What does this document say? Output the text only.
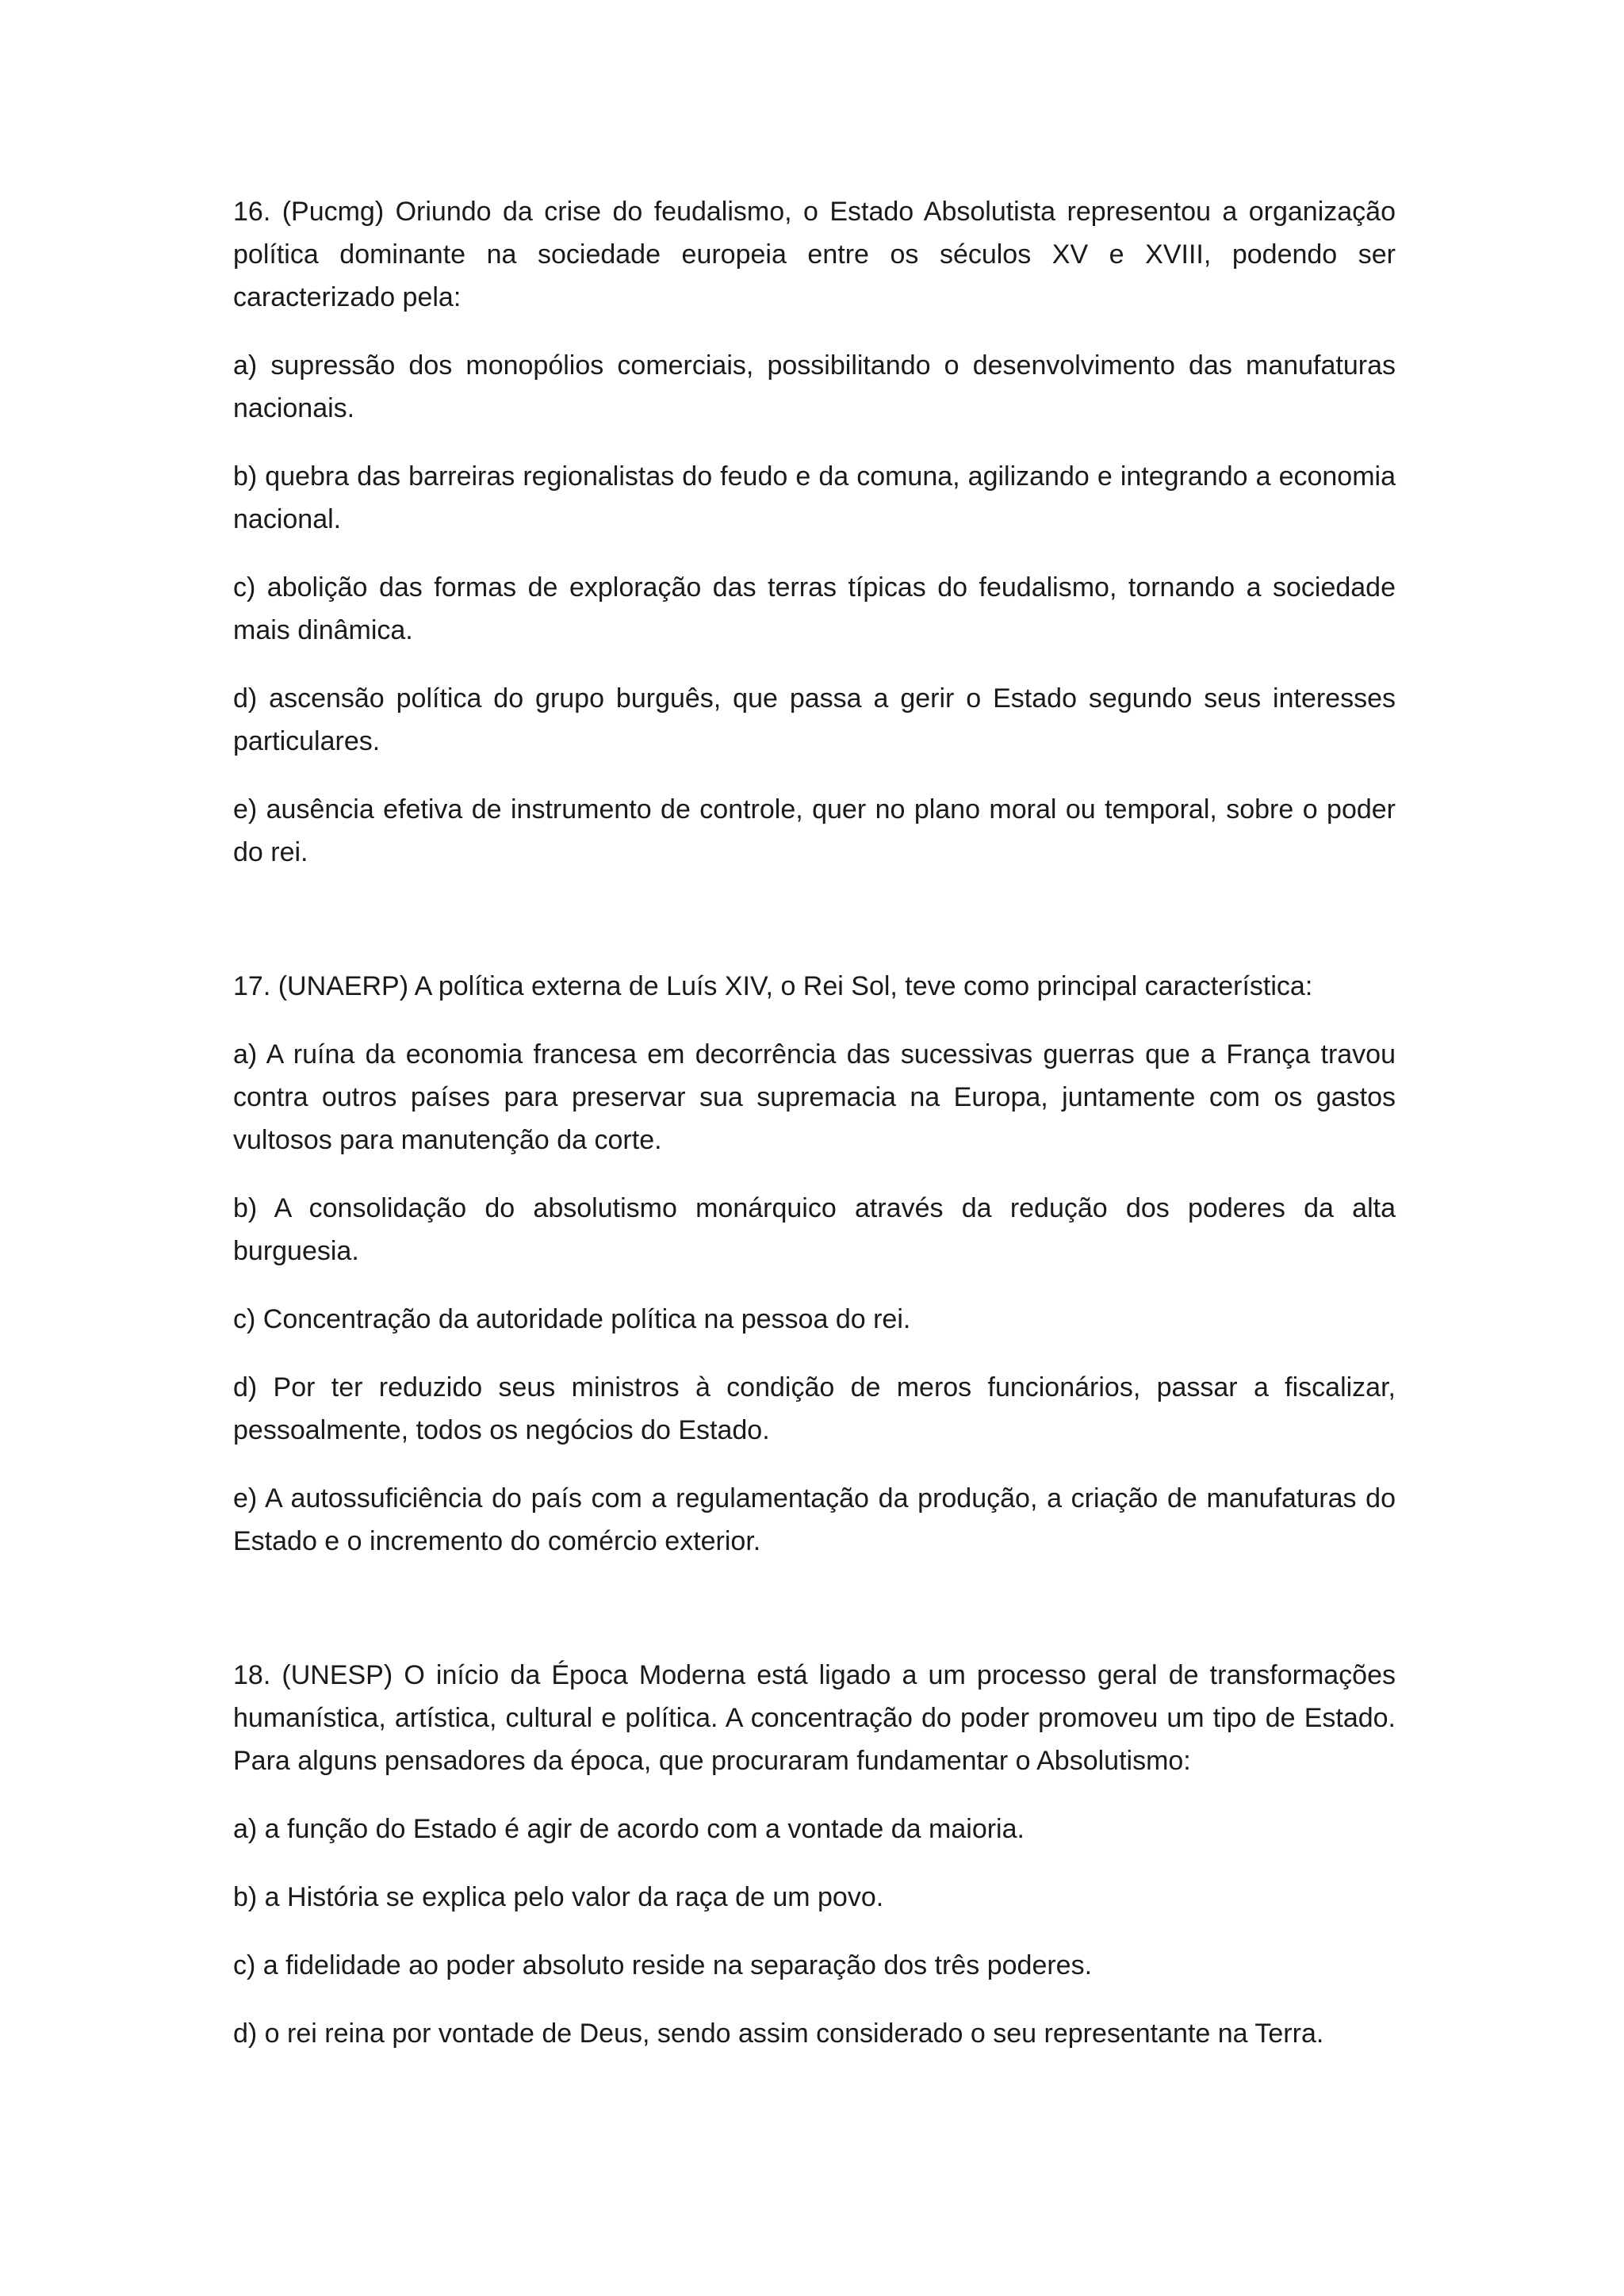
16. (Pucmg) Oriundo da crise do feudalismo, o Estado Absolutista representou a organização política dominante na sociedade europeia entre os séculos XV e XVIII, podendo ser caracterizado pela:

a) supressão dos monopólios comerciais, possibilitando o desenvolvimento das manufaturas nacionais.

b) quebra das barreiras regionalistas do feudo e da comuna, agilizando e integrando a economia nacional.

c) abolição das formas de exploração das terras típicas do feudalismo, tornando a sociedade mais dinâmica.

d) ascensão política do grupo burguês, que passa a gerir o Estado segundo seus interesses particulares.

e) ausência efetiva de instrumento de controle, quer no plano moral ou temporal, sobre o poder do rei.

17. (UNAERP) A política externa de Luís XIV, o Rei Sol, teve como principal característica:

a) A ruína da economia francesa em decorrência das sucessivas guerras que a França travou contra outros países para preservar sua supremacia na Europa, juntamente com os gastos vultosos para manutenção da corte.

b) A consolidação do absolutismo monárquico através da redução dos poderes da alta burguesia.

c) Concentração da autoridade política na pessoa do rei.

d) Por ter reduzido seus ministros à condição de meros funcionários, passar a fiscalizar, pessoalmente, todos os negócios do Estado.

e) A autossuficiência do país com a regulamentação da produção, a criação de manufaturas do Estado e o incremento do comércio exterior.

18. (UNESP) O início da Época Moderna está ligado a um processo geral de transformações humanística, artística, cultural e política. A concentração do poder promoveu um tipo de Estado. Para alguns pensadores da época, que procuraram fundamentar o Absolutismo:

a) a função do Estado é agir de acordo com a vontade da maioria.

b) a História se explica pelo valor da raça de um povo.

c) a fidelidade ao poder absoluto reside na separação dos três poderes.

d) o rei reina por vontade de Deus, sendo assim considerado o seu representante na Terra.
